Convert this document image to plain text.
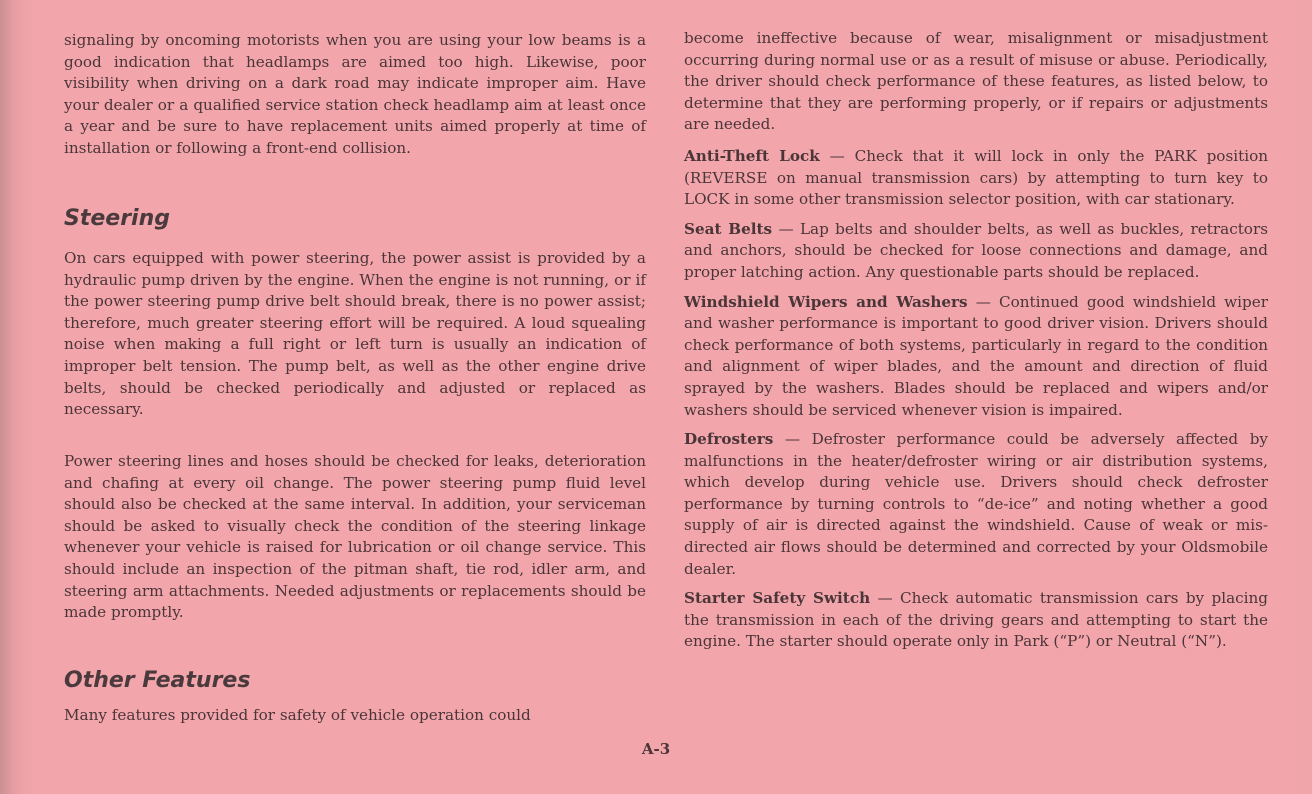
signaling by oncoming motorists when you are using your low beams is a good indication that headlamps are aimed too high. Likewise, poor visibility when driving on a dark road may indicate improper aim. Have your dealer or a qualified service station check headlamp aim at least once a year and be sure to have replacement units aimed properly at time of installation or following a front-end collision.

Steering

On cars equipped with power steering, the power assist is provided by a hydraulic pump driven by the engine. When the engine is not running, or if the power steering pump drive belt should break, there is no power assist; therefore, much greater steering effort will be required. A loud squealing noise when making a full right or left turn is usually an indication of improper belt tension. The pump belt, as well as the other engine drive belts, should be checked periodically and adjusted or replaced as necessary.

Power steering lines and hoses should be checked for leaks, deterioration and chafing at every oil change. The power steering pump fluid level should also be checked at the same interval. In addition, your serviceman should be asked to visually check the condition of the steering linkage whenever your vehicle is raised for lubrication or oil change service. This should include an inspection of the pitman shaft, tie rod, idler arm, and steering arm attachments. Needed adjustments or replacements should be made promptly.

Other Features

Many features provided for safety of vehicle operation could

become ineffective because of wear, misalignment or misadjustment occurring during normal use or as a result of misuse or abuse. Periodically, the driver should check performance of these features, as listed below, to determine that they are performing properly, or if repairs or adjustments are needed.

Anti-Theft Lock — Check that it will lock in only the PARK position (REVERSE on manual transmission cars) by attempting to turn key to LOCK in some other transmission selector position, with car stationary.

Seat Belts — Lap belts and shoulder belts, as well as buckles, retractors and anchors, should be checked for loose connections and damage, and proper latching action. Any questionable parts should be replaced.

Windshield Wipers and Washers — Continued good windshield wiper and washer performance is important to good driver vision. Drivers should check performance of both systems, particularly in regard to the condition and alignment of wiper blades, and the amount and direction of fluid sprayed by the washers. Blades should be replaced and wipers and/or washers should be serviced whenever vision is impaired.

Defrosters — Defroster performance could be adversely affected by malfunctions in the heater/defroster wiring or air distribution systems, which develop during vehicle use. Drivers should check defroster performance by turning controls to “de-ice” and noting whether a good supply of air is directed against the windshield. Cause of weak or mis-directed air flows should be determined and corrected by your Oldsmobile dealer.

Starter Safety Switch — Check automatic transmission cars by placing the transmission in each of the driving gears and attempting to start the engine. The starter should operate only in Park (“P”) or Neutral (“N”).

A-3
